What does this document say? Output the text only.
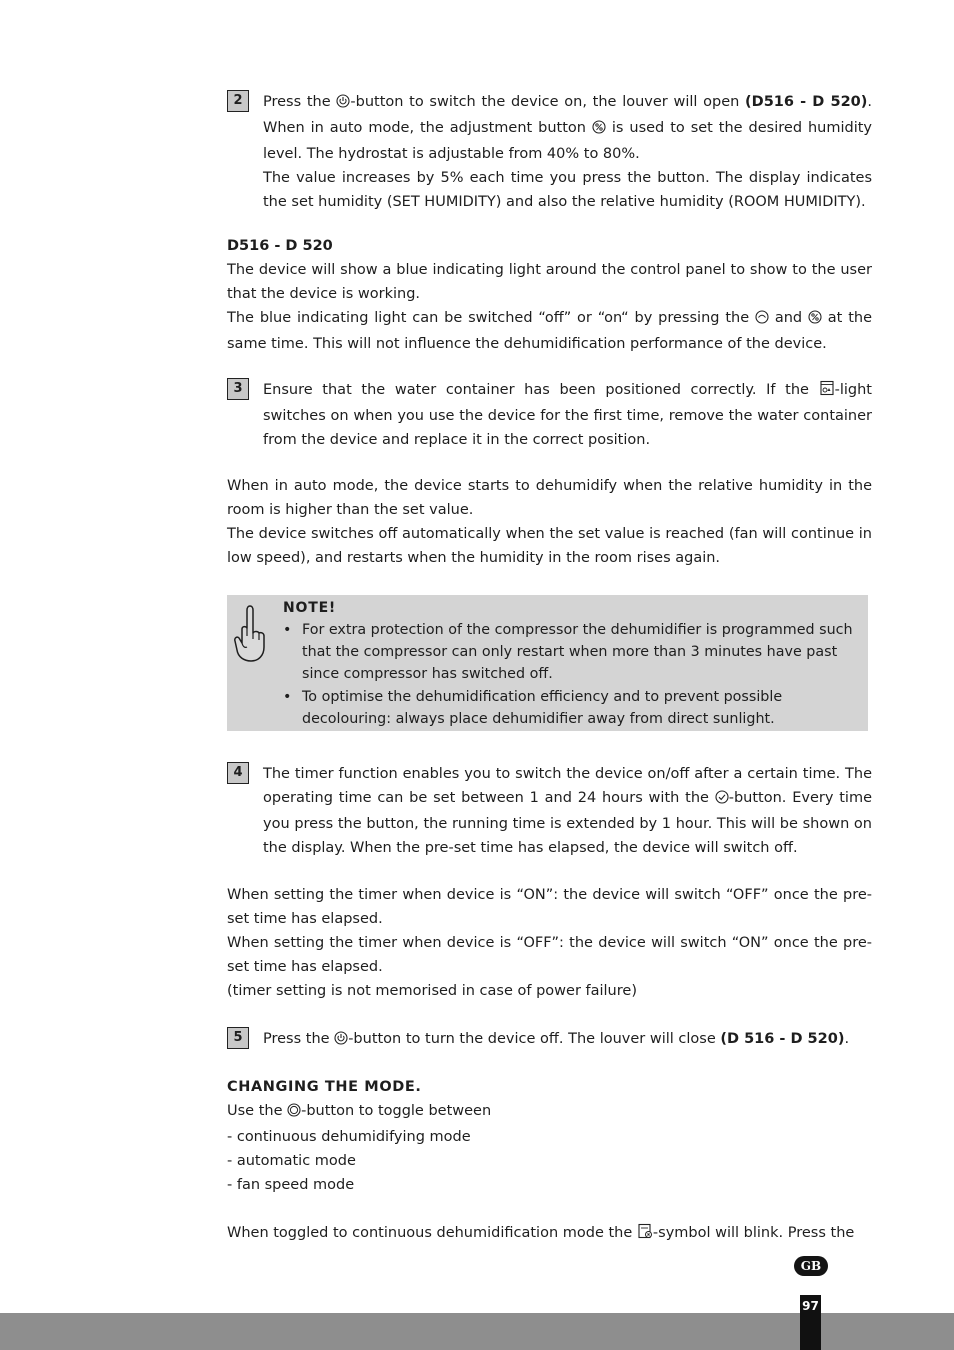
2	Press the -button to switch the device on, the louver will open (D516 - D 520). When in auto mode, the adjustment button  is used to set the desired humidity level. The hydrostat is adjustable from 40% to 80%.
The value increases by 5% each time you press the button. The display indicates the set humidity (SET HUMIDITY) and also the relative humidity (ROOM HUMIDITY).
D516 - D 520
The device will show a blue indicating light around the control panel to show to the user that the device is working.
The blue indicating light can be switched “off” or “on“ by pressing the  and  at the same time. This will not influence the dehumidification performance of the device.
3	Ensure that the water container has been positioned correctly. If the -light switches on when you use the device for the first time, remove the water container from the device and replace it in the correct position.
When in auto mode, the device starts to dehumidify when the relative humidity in the room is higher than the set value.
The device switches off automatically when the set value is reached (fan will continue in low speed), and restarts when the humidity in the room rises again.
NOTE!
• For extra protection of the compressor the dehumidifier is programmed such that the compressor can only restart when more than 3 minutes have past since compressor has switched off.
• To optimise the dehumidification efficiency and to prevent possible decolouring: always place dehumidifier away from direct sunlight.
4	The timer function enables you to switch the device on/off after a certain time. The operating time can be set between 1 and 24 hours with the -button. Every time you press the button, the running time is extended by 1 hour. This will be shown on the display. When the pre-set time has elapsed, the device will switch off.
When setting the timer when device is “ON”: the device will switch “OFF” once the pre-set time has elapsed.
When setting the timer when device is “OFF”: the device will switch “ON” once the pre-set time has elapsed.
(timer setting is not memorised in case of power failure)
5	Press the -button to turn the device off. The louver will close (D 516 - D 520).
CHANGING THE MODE.
Use the -button to toggle between
- continuous dehumidifying mode
- automatic mode
- fan speed mode
When toggled to continuous dehumidification mode the -symbol will blink. Press the
GB
97
